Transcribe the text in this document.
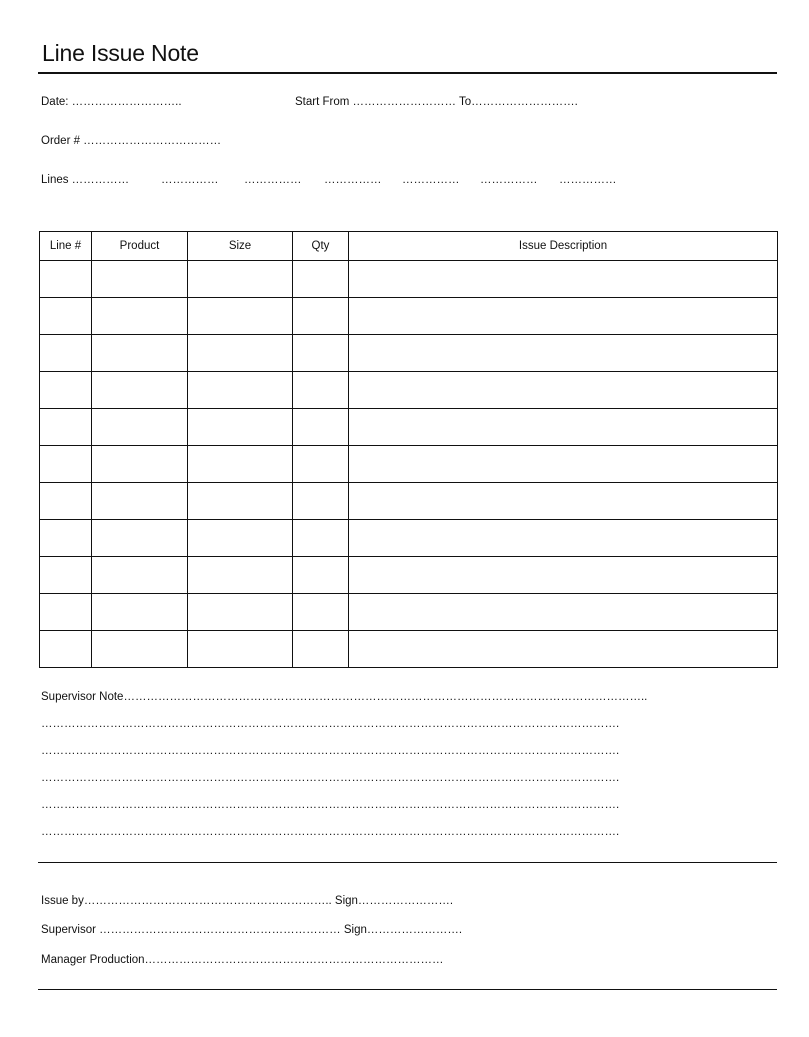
Line Issue Note
Date: ………………………..	Start From ……………………… To……………………….
Order # ………………………………
Lines ……………	…………… …………… …………… …………… …………… ……………
Line #	Product	Size	Qty	Issue Description

Supervisor Note………………………………………………………………………………………………………………………..
…………………………………………………………………………………………………………………………………….
…………………………………………………………………………………………………………………………………….
…………………………………………………………………………………………………………………………………….
…………………………………………………………………………………………………………………………………….
…………………………………………………………………………………………………………………………………….
Issue by……………………………………………………….. Sign…………………….
Supervisor ……………………………………………………… Sign…………………….
Manager Production……………………………………………………………………
